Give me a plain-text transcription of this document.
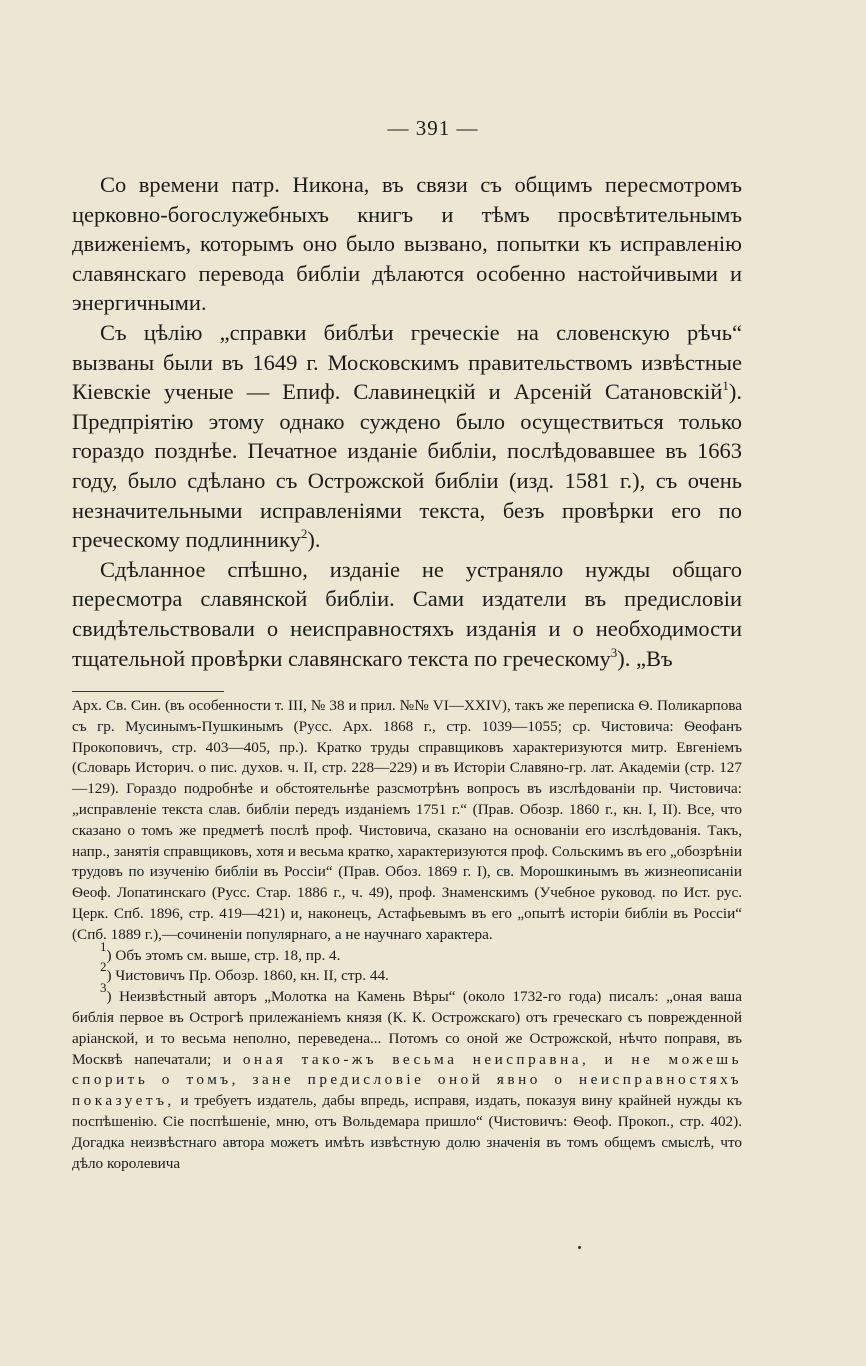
— 391 —

Со времени патр. Никона, въ связи съ общимъ пересмотромъ церковно-богослужебныхъ книгъ и тѣмъ просвѣтительнымъ движеніемъ, которымъ оно было вызвано, попытки къ исправленію славянскаго перевода библіи дѣлаются особенно настойчивыми и энергичными.

Съ цѣлію „справки библѣи греческіе на словенскую рѣчь“ вызваны были въ 1649 г. Московскимъ правительствомъ извѣстные Кіевскіе ученые — Епиф. Славинецкій и Арсеній Сатановскій$^1$). Предпріятію этому однако суждено было осуществиться только гораздо позднѣе. Печатное изданіе библіи, послѣдовавшее въ 1663 году, было сдѣлано съ Острожской библіи (изд. 1581 г.), съ очень незначительными исправленіями текста, безъ провѣрки его по греческому подлиннику$^2$).

Сдѣланное спѣшно, изданіе не устраняло нужды общаго пересмотра славянской библіи. Сами издатели въ предисловіи свидѣтельствовали о неисправностяхъ изданія и о необходимости тщательной провѣрки славянскаго текста по греческому$^3$). „Въ

Арх. Св. Син. (въ особенности т. III, № 38 и прил. №№ VI—XXIV), такъ же переписка Ѳ. Поликарпова съ гр. Мусинымъ-Пушкинымъ (Русс. Арх. 1868 г., стр. 1039—1055; ср. Чистовича: Ѳеофанъ Прокоповичъ, стр. 403—405, пр.). Кратко труды справщиковъ характеризуются митр. Евгеніемъ (Словарь Историч. о пис. духов. ч. II, стр. 228—229) и въ Исторіи Славяно-гр. лат. Академіи (стр. 127—129). Гораздо подробнѣе и обстоятельнѣе разсмотрѣнъ вопросъ въ изслѣдованіи пр. Чистовича: „исправленіе текста слав. библіи передъ изданіемъ 1751 г.“ (Прав. Обозр. 1860 г., кн. I, II). Все, что сказано о томъ же предметѣ послѣ проф. Чистовича, сказано на основаніи его изслѣдованія. Такъ, напр., занятія справщиковъ, хотя и весьма кратко, характеризуются проф. Сольскимъ въ его „обозрѣніи трудовъ по изученію библіи въ Россіи“ (Прав. Обоз. 1869 г. I), св. Морошкинымъ въ жизнеописаніи Ѳеоф. Лопатинскаго (Русс. Стар. 1886 г., ч. 49), проф. Знаменскимъ (Учебное руковод. по Ист. рус. Церк. Спб. 1896, стр. 419—421) и, наконецъ, Астафьевымъ въ его „опытѣ исторіи библіи въ Россіи“ (Спб. 1889 г.),—сочиненіи популярнаго, а не научнаго характера.

$^1$) Объ этомъ см. выше, стр. 18, пр. 4.

$^2$) Чистовичъ Пр. Обозр. 1860, кн. II, стр. 44.

$^3$) Неизвѣстный авторъ „Молотка на Камень Вѣры“ (около 1732-го года) писалъ: „оная ваша библія первое въ Острогѣ прилежаніемъ князя (К. К. Острожскаго) отъ греческаго съ поврежденной аріанской, и то весьма неполно, переведена... Потомъ со оной же Острожской, нѣчто поправя, въ Москвѣ напечатали; и оная тако-жъ весьма неисправна, и не можешь спорить о томъ, зане предисловіе оной явно о неисправностяхъ показуетъ, и требуетъ издатель, дабы впредь, исправя, издать, показуя вину крайней нужды къ поспѣшенію. Сіе поспѣшеніе, мню, отъ Вольдемара пришло“ (Чистовичъ: Ѳеоф. Прокоп., стр. 402). Догадка неизвѣстнаго автора можетъ имѣть извѣстную долю значенія въ томъ общемъ смыслѣ, что дѣло королевича
